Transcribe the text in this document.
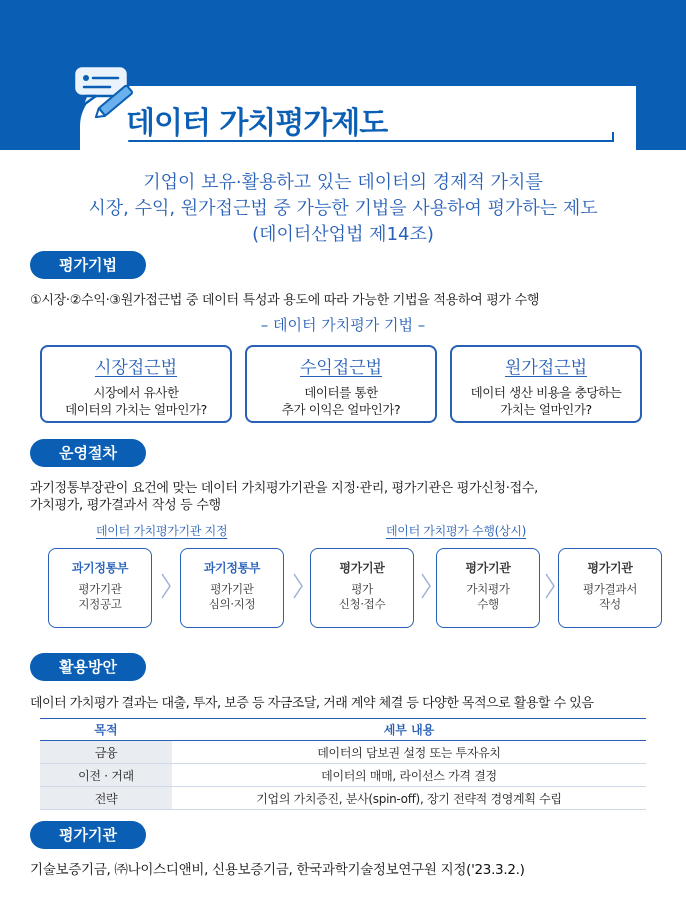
데이터 가치평가제도
기업이 보유·활용하고 있는 데이터의 경제적 가치를
시장, 수익, 원가접근법 중 가능한 기법을 사용하여 평가하는 제도
(데이터산업법 제14조)
평가기법
①시장·②수익·③원가접근법 중 데이터 특성과 용도에 따라 가능한 기법을 적용하여 평가 수행
– 데이터 가치평가 기법 –
시장접근법
시장에서 유사한
데이터의 가치는 얼마인가?
수익접근법
데이터를 통한
추가 이익은 얼마인가?
원가접근법
데이터 생산 비용을 충당하는
가치는 얼마인가?
운영절차
과기정통부장관이 요건에 맞는 데이터 가치평가기관을 지정·관리, 평가기관은 평가신청·접수,
가치평가, 평가결과서 작성 등 수행
데이터 가치평가기관 지정	데이터 가치평가 수행(상시)
과기정통부
평가기관
지정공고
과기정통부
평가기관
심의·지정
평가기관
평가
신청·접수
평가기관
가치평가
수행
평가기관
평가결과서
작성
활용방안
데이터 가치평가 결과는 대출, 투자, 보증 등 자금조달, 거래 계약 체결 등 다양한 목적으로 활용할 수 있음
목적	세부 내용
금융	데이터의 담보권 설정 또는 투자유치
이전 · 거래	데이터의 매매, 라이선스 가격 결정
전략	기업의 가치증진, 분사(spin-off), 장기 전략적 경영계획 수립
평가기관
기술보증기금, ㈜나이스디앤비, 신용보증기금, 한국과학기술정보연구원 지정('23.3.2.)
